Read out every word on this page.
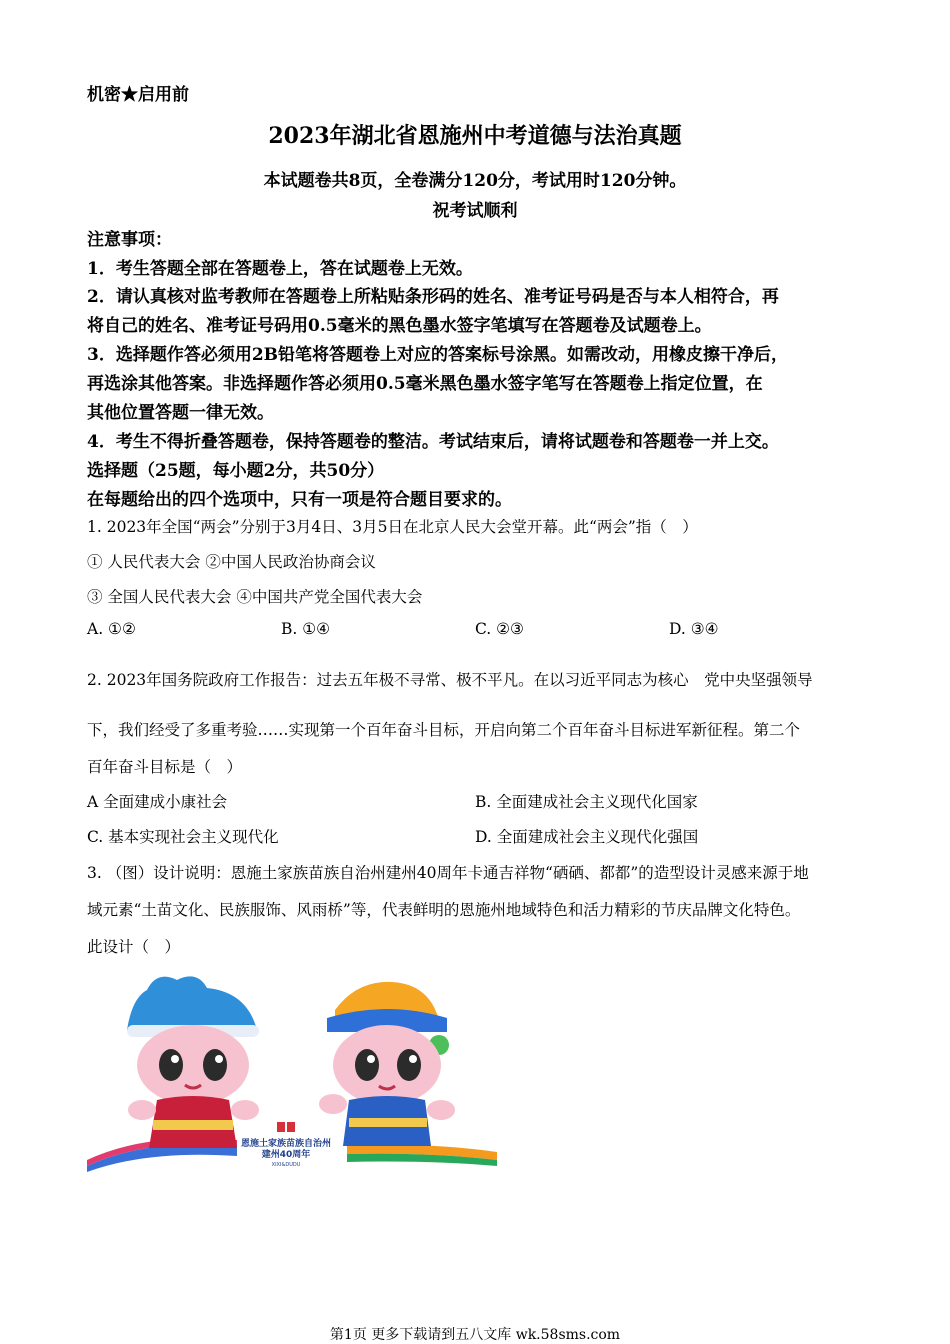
机密★启用前
2023年湖北省恩施州中考道德与法治真题
本试题卷共8页，全卷满分120分，考试用时120分钟。
祝考试顺利
注意事项：
1．考生答题全部在答题卷上，答在试题卷上无效。
2．请认真核对监考教师在答题卷上所粘贴条形码的姓名、准考证号码是否与本人相符合，再
将自己的姓名、准考证号码用0.5毫米的黑色墨水签字笔填写在答题卷及试题卷上。
3．选择题作答必须用2B铅笔将答题卷上对应的答案标号涂黑。如需改动，用橡皮擦干净后，
再选涂其他答案。非选择题作答必须用0.5毫米黑色墨水签字笔写在答题卷上指定位置，在
其他位置答题一律无效。
4．考生不得折叠答题卷，保持答题卷的整洁。考试结束后，请将试题卷和答题卷一并上交。
选择题（25题，每小题2分，共50分）
在每题给出的四个选项中，只有一项是符合题目要求的。
1. 2023年全国“两会”分别于3月4日、3月5日在北京人民大会堂开幕。此“两会”指（　）
① 人民代表大会 ②中国人民政治协商会议
③ 全国人民代表大会 ④中国共产党全国代表大会
A. ①②	B. ①④	C. ②③	D. ③④
2. 2023年国务院政府工作报告：过去五年极不寻常、极不平凡。在以习近平同志为核心　党中央坚强领导
下，我们经受了多重考验……实现第一个百年奋斗目标，开启向第二个百年奋斗目标进军新征程。第二个
百年奋斗目标是（　）
A 全面建成小康社会	B. 全面建成社会主义现代化国家
C. 基本实现社会主义现代化	D. 全面建成社会主义现代化强国
3. （图）设计说明：恩施土家族苗族自治州建州40周年卡通吉祥物“硒硒、都都”的造型设计灵感来源于地
域元素“土苗文化、民族服饰、风雨桥”等，代表鲜明的恩施州地域特色和活力精彩的节庆品牌文化特色。
此设计（　）
恩施土家族苗族自治州
建州40周年
XIXI&DUDU
第1页 更多下载请到五八文库 wk.58sms.com
